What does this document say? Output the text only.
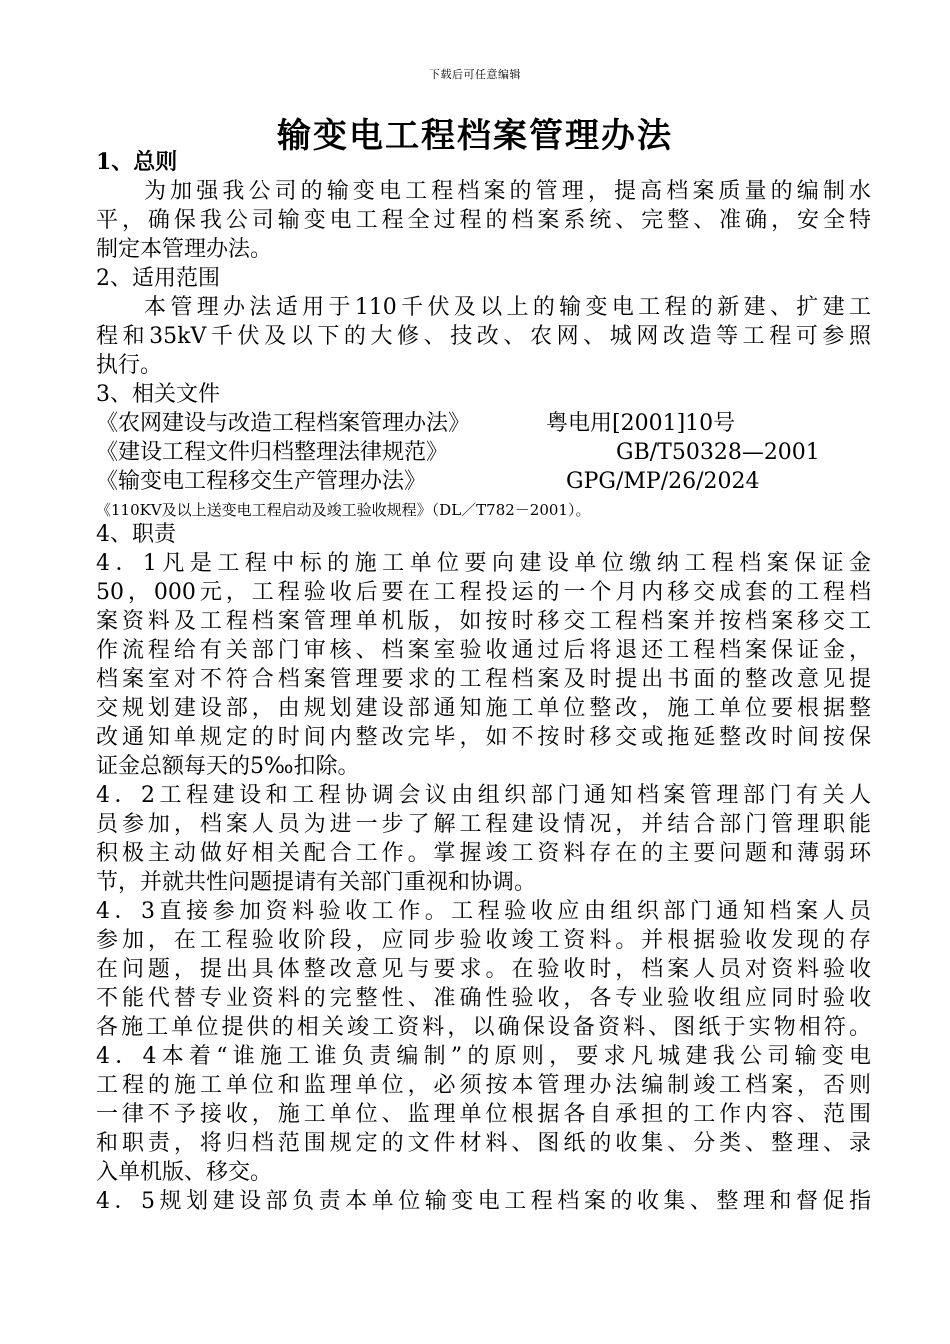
下载后可任意编辑
输变电工程档案管理办法
1、总则
为加强我公司的输变电工程档案的管理，提高档案质量的编制水
平，确保我公司输变电工程全过程的档案系统、完整、准确，安全特
制定本管理办法。
2、适用范围
本管理办法适用于110千伏及以上的输变电工程的新建、扩建工
程和35kV千伏及以下的大修、技改、农网、城网改造等工程可参照
执行。
3、相关文件
《农网建设与改造工程档案管理办法》	粤电用[2001]10号
《建设工程文件归档整理法律规范》	GB/T50328—2001
《输变电工程移交生产管理办法》	GPG/MP/26/2024
《110KV及以上送变电工程启动及竣工验收规程》（DL／T782－2001）。
4、职责
4．1凡是工程中标的施工单位要向建设单位缴纳工程档案保证金
50，000元，工程验收后要在工程投运的一个月内移交成套的工程档
案资料及工程档案管理单机版，如按时移交工程档案并按档案移交工
作流程给有关部门审核、档案室验收通过后将退还工程档案保证金，
档案室对不符合档案管理要求的工程档案及时提出书面的整改意见提
交规划建设部，由规划建设部通知施工单位整改，施工单位要根据整
改通知单规定的时间内整改完毕，如不按时移交或拖延整改时间按保
证金总额每天的5‰扣除。
4．2工程建设和工程协调会议由组织部门通知档案管理部门有关人
员参加，档案人员为进一步了解工程建设情况，并结合部门管理职能
积极主动做好相关配合工作。掌握竣工资料存在的主要问题和薄弱环
节，并就共性问题提请有关部门重视和协调。
4．3直接参加资料验收工作。工程验收应由组织部门通知档案人员
参加，在工程验收阶段，应同步验收竣工资料。并根据验收发现的存
在问题，提出具体整改意见与要求。在验收时，档案人员对资料验收
不能代替专业资料的完整性、准确性验收，各专业验收组应同时验收
各施工单位提供的相关竣工资料，以确保设备资料、图纸于实物相符。
4．4本着“谁施工谁负责编制”的原则，要求凡城建我公司输变电
工程的施工单位和监理单位，必须按本管理办法编制竣工档案，否则
一律不予接收，施工单位、监理单位根据各自承担的工作内容、范围
和职责，将归档范围规定的文件材料、图纸的收集、分类、整理、录
入单机版、移交。
4．5规划建设部负责本单位输变电工程档案的收集、整理和督促指
